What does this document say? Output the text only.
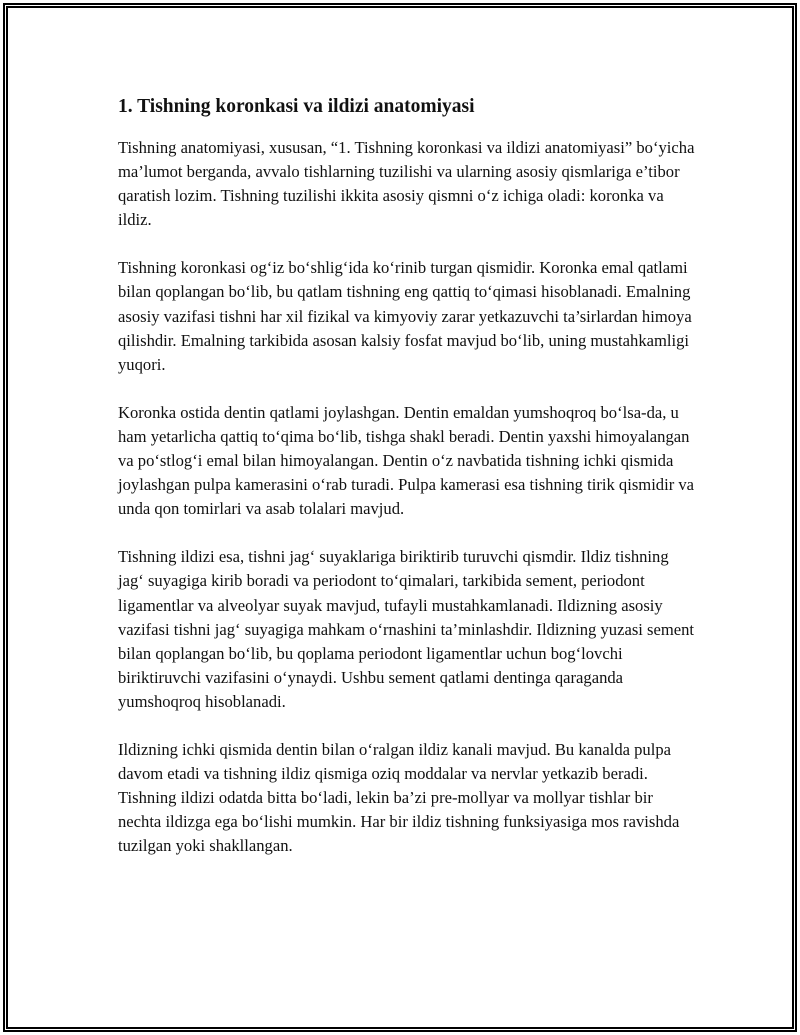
1. Tishning koronkasi va ildizi anatomiyasi

Tishning anatomiyasi, xususan, “1. Tishning koronkasi va ildizi anatomiyasi” bo‘yicha ma’lumot berganda, avvalo tishlarning tuzilishi va ularning asosiy qismlariga e’tibor qaratish lozim. Tishning tuzilishi ikkita asosiy qismni o‘z ichiga oladi: koronka va ildiz.

Tishning koronkasi og‘iz bo‘shlig‘ida ko‘rinib turgan qismidir. Koronka emal qatlami bilan qoplangan bo‘lib, bu qatlam tishning eng qattiq to‘qimasi hisoblanadi. Emalning asosiy vazifasi tishni har xil fizikal va kimyoviy zarar yetkazuvchi ta’sirlardan himoya qilishdir. Emalning tarkibida asosan kalsiy fosfat mavjud bo‘lib, uning mustahkamligi yuqori.

Koronka ostida dentin qatlami joylashgan. Dentin emaldan yumshoqroq bo‘lsa-da, u ham yetarlicha qattiq to‘qima bo‘lib, tishga shakl beradi. Dentin yaxshi himoyalangan va po‘stlog‘i emal bilan himoyalangan. Dentin o‘z navbatida tishning ichki qismida joylashgan pulpa kamerasini o‘rab turadi. Pulpa kamerasi esa tishning tirik qismidir va unda qon tomirlari va asab tolalari mavjud.

Tishning ildizi esa, tishni jag‘ suyaklariga biriktirib turuvchi qismdir. Ildiz tishning jag‘ suyagiga kirib boradi va periodont to‘qimalari, tarkibida sement, periodont ligamentlar va alveolyar suyak mavjud, tufayli mustahkamlanadi. Ildizning asosiy vazifasi tishni jag‘ suyagiga mahkam o‘rnashini ta’minlashdir. Ildizning yuzasi sement bilan qoplangan bo‘lib, bu qoplama periodont ligamentlar uchun bog‘lovchi biriktiruvchi vazifasini o‘ynaydi. Ushbu sement qatlami dentinga qaraganda yumshoqroq hisoblanadi.

Ildizning ichki qismida dentin bilan o‘ralgan ildiz kanali mavjud. Bu kanalda pulpa davom etadi va tishning ildiz qismiga oziq moddalar va nervlar yetkazib beradi. Tishning ildizi odatda bitta bo‘ladi, lekin ba’zi pre-mollyar va mollyar tishlar bir nechta ildizga ega bo‘lishi mumkin. Har bir ildiz tishning funksiyasiga mos ravishda tuzilgan yoki shakllangan.
